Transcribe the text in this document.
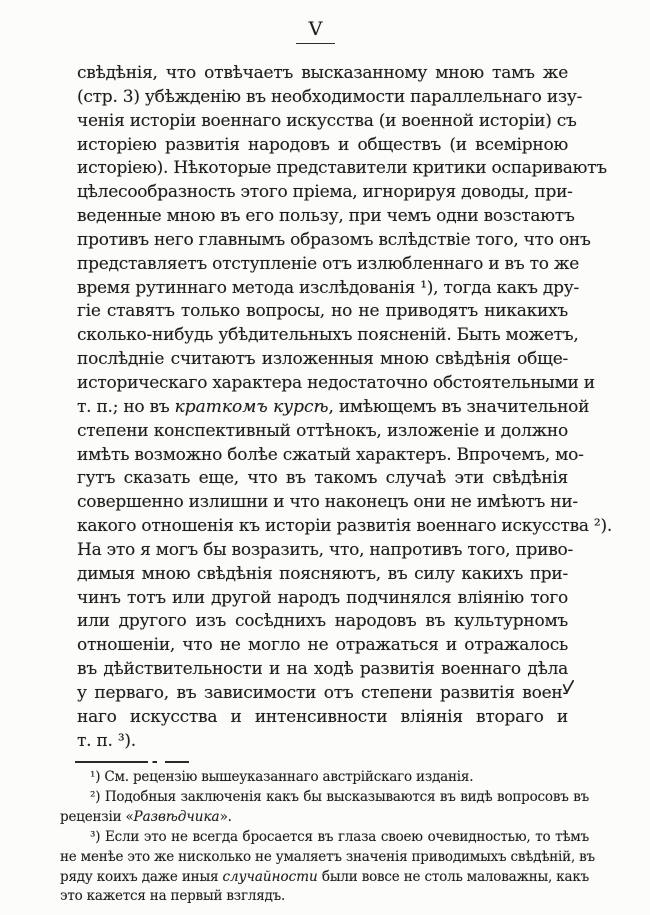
V
свѣдѣнія, что отвѣчаетъ высказанному мною тамъ же
(стр. 3) убѣжденію въ необходимости параллельнаго изу-
ченія исторіи военнаго искусства (и военной исторіи) съ
исторіею развитія народовъ и обществъ (и всемірною
исторіею). Нѣкоторые представители критики оспариваютъ
цѣлесообразность этого пріема, игнорируя доводы, при-
веденные мною въ его пользу, при чемъ одни возстаютъ
противъ него главнымъ образомъ вслѣдствіе того, что онъ
представляетъ отступленіе отъ излюбленнаго и въ то же
время рутиннаго метода изслѣдованія ¹), тогда какъ дру-
гіе ставятъ только вопросы, но не приводятъ никакихъ
сколько-нибудь убѣдительныхъ поясненій. Быть можетъ,
послѣдніе считаютъ изложенныя мною свѣдѣнія обще-
историческаго характера недостаточно обстоятельными и
т. п.; но въ краткомъ курсѣ, имѣющемъ въ значительной
степени конспективный оттѣнокъ, изложеніе и должно
имѣть возможно болѣе сжатый характеръ. Впрочемъ, мо-
гутъ сказать еще, что въ такомъ случаѣ эти свѣдѣнія
совершенно излишни и что наконецъ они не имѣютъ ни-
какого отношенія къ исторіи развитія военнаго искусства ²).
На это я могъ бы возразить, что, напротивъ того, приво-
димыя мною свѣдѣнія поясняютъ, въ силу какихъ при-
чинъ тотъ или другой народъ подчинялся вліянію того
или другого изъ сосѣднихъ народовъ въ культурномъ
отношеніи, что не могло не отражаться и отражалось
въ дѣйствительности и на ходѣ развитія военнаго дѣла
у перваго, въ зависимости отъ степени развитія воен-
наго искусства и интенсивности вліянія втораго и
т. п. ³).
¹) См. рецензію вышеуказаннаго австрійскаго изданія.
²) Подобныя заключенія какъ бы высказываются въ видѣ вопросовъ въ
рецензіи «Развѣдчика».
³) Если это не всегда бросается въ глаза своею очевидностью, то тѣмъ
не менѣе это же нисколько не умаляетъ значенія приводимыхъ свѣдѣній, въ
ряду коихъ даже иныя случайности были вовсе не столь маловажны, какъ
это кажется на первый взглядъ.
